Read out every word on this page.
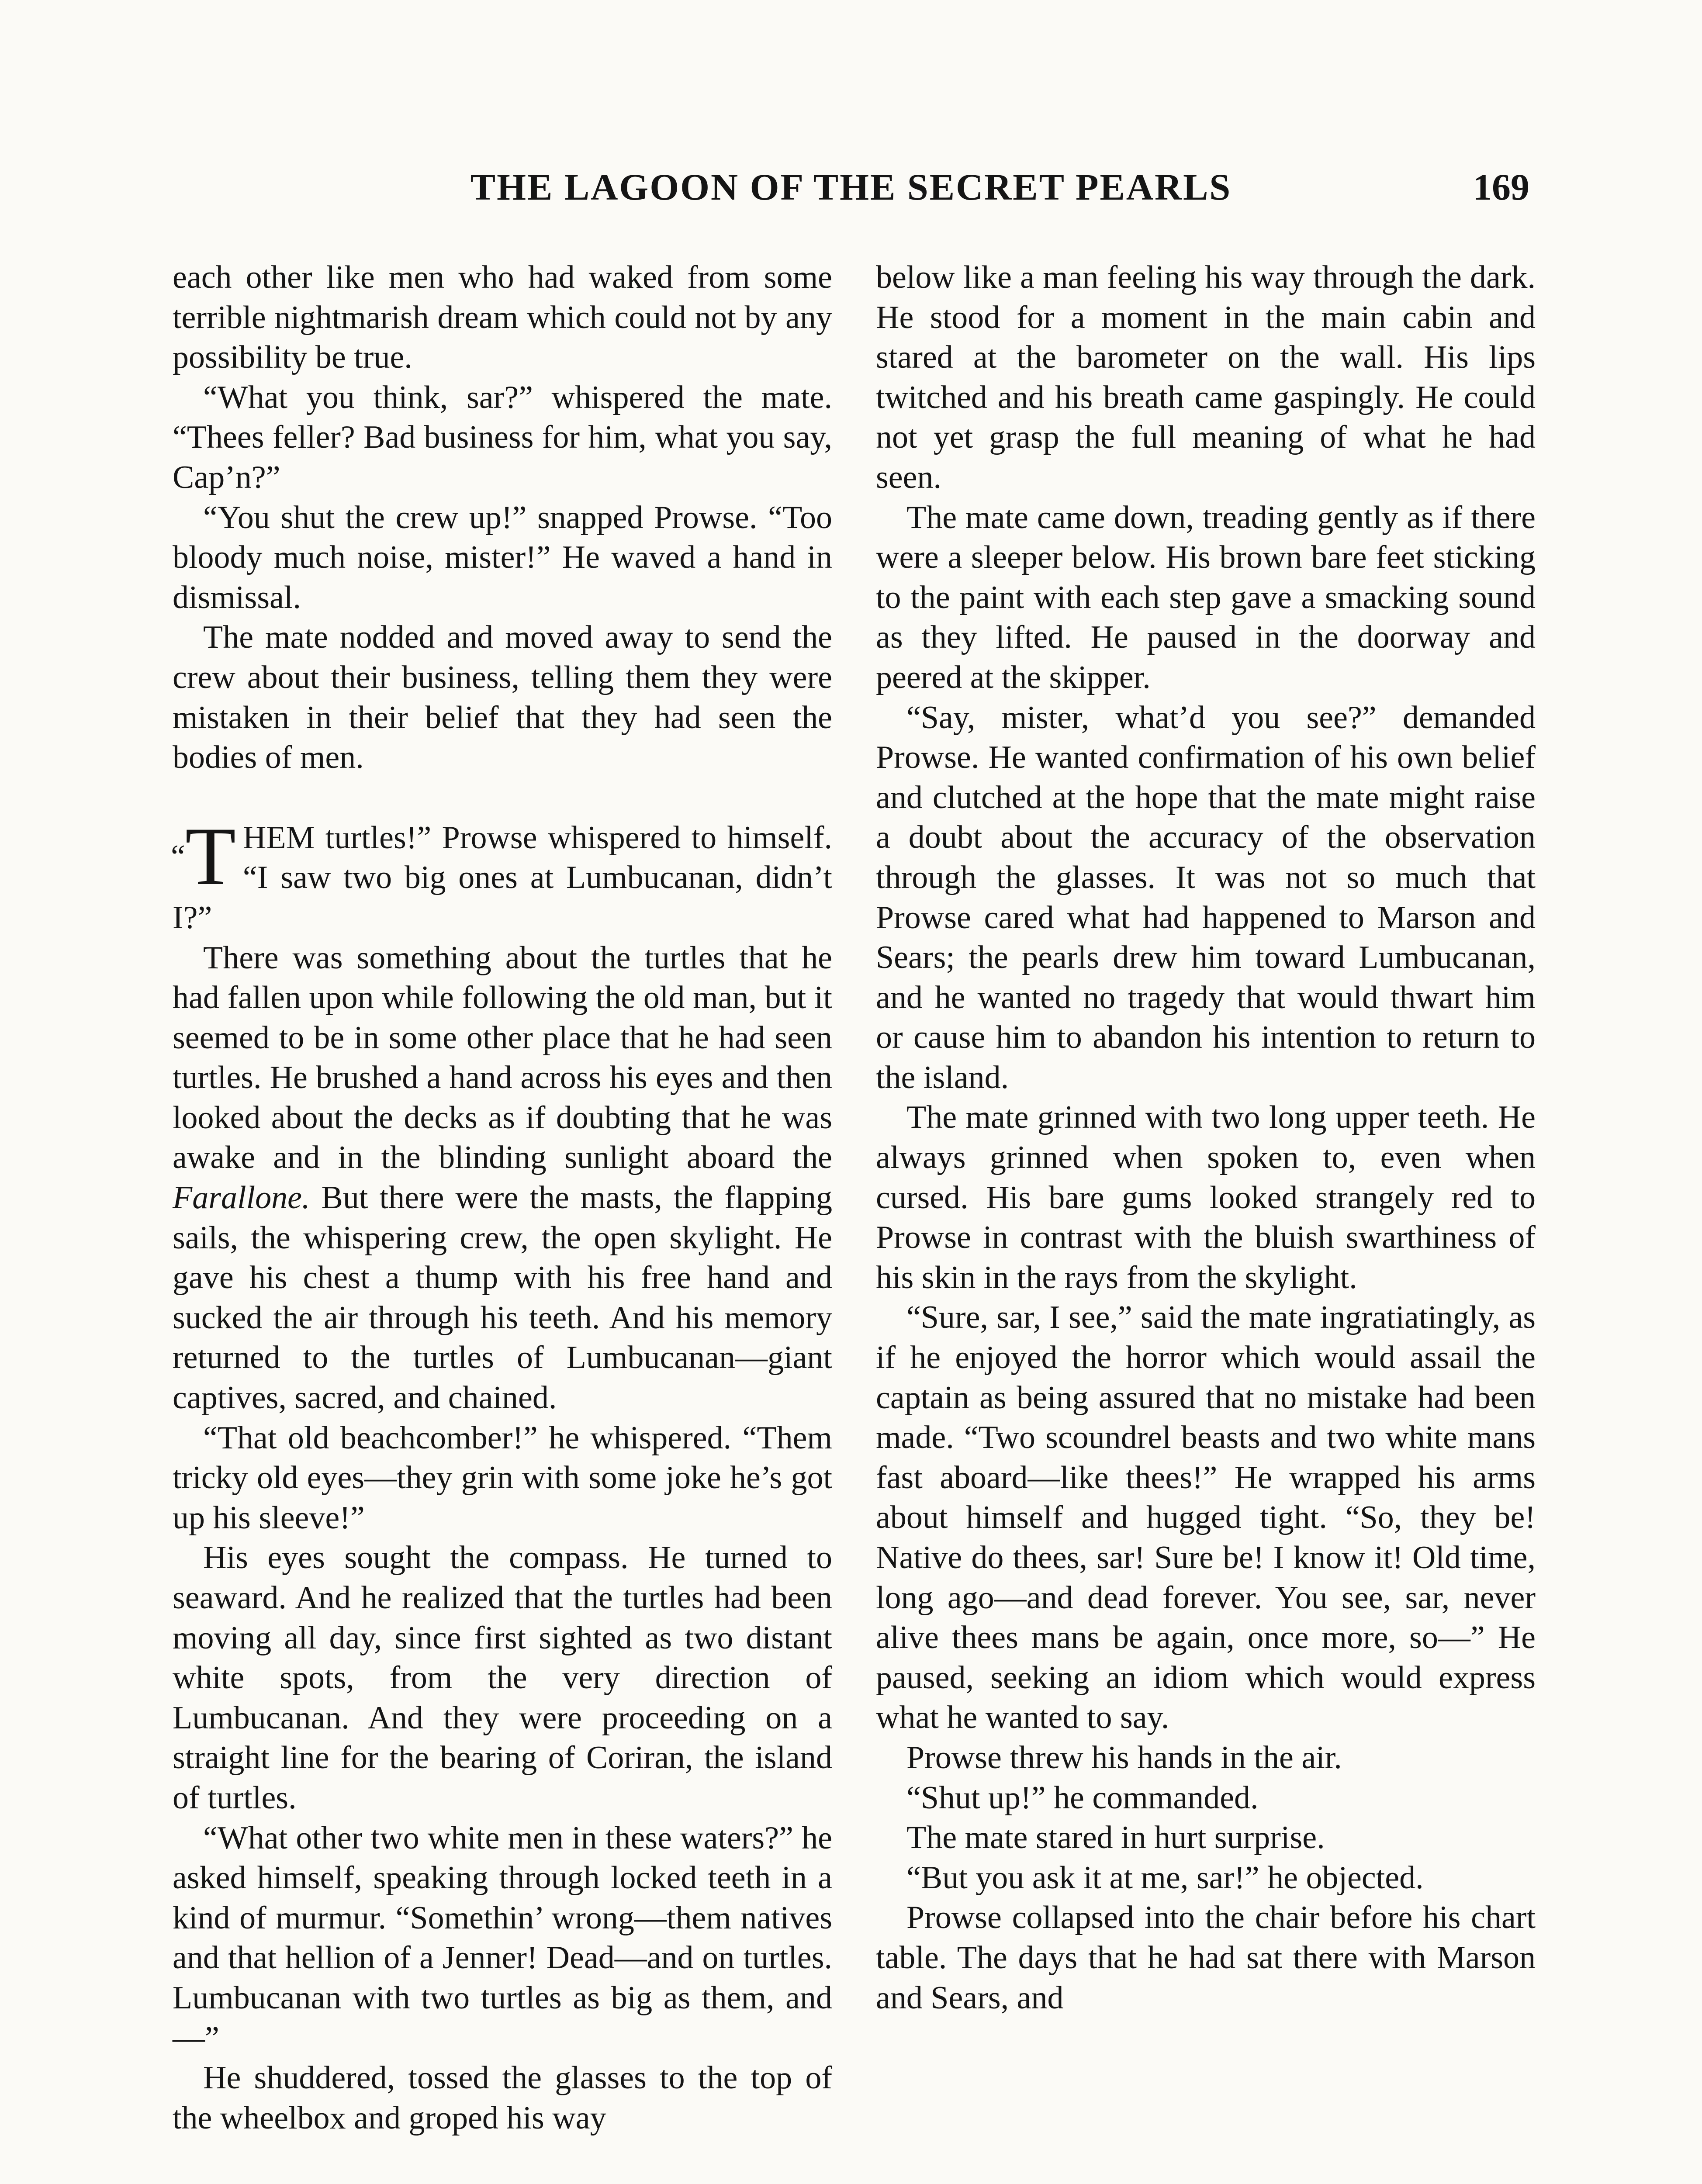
THE LAGOON OF THE SECRET PEARLS	169

each other like men who had waked from some terrible nightmarish dream which could not by any possibility be true.

“What you think, sar?” whispered the mate. “Thees feller? Bad business for him, what you say, Cap’n?”

“You shut the crew up!” snapped Prowse. “Too bloody much noise, mister!” He waved a hand in dismissal.

The mate nodded and moved away to send the crew about their business, telling them they were mistaken in their belief that they had seen the bodies of men.

“T HEM turtles!” Prowse whispered to himself. “I saw two big ones at Lumbucanan, didn’t I?”

There was something about the turtles that he had fallen upon while following the old man, but it seemed to be in some other place that he had seen turtles. He brushed a hand across his eyes and then looked about the decks as if doubting that he was awake and in the blinding sunlight aboard the Farallone. But there were the masts, the flapping sails, the whispering crew, the open skylight. He gave his chest a thump with his free hand and sucked the air through his teeth. And his memory returned to the turtles of Lumbucanan—giant captives, sacred, and chained.

“That old beachcomber!” he whispered. “Them tricky old eyes—they grin with some joke he’s got up his sleeve!”

His eyes sought the compass. He turned to seaward. And he realized that the turtles had been moving all day, since first sighted as two distant white spots, from the very direction of Lumbucanan. And they were proceeding on a straight line for the bearing of Coriran, the island of turtles.

“What other two white men in these waters?” he asked himself, speaking through locked teeth in a kind of murmur. “Somethin’ wrong—them natives and that hellion of a Jenner! Dead—and on turtles. Lumbucanan with two turtles as big as them, and—”

He shuddered, tossed the glasses to the top of the wheelbox and groped his way

below like a man feeling his way through the dark. He stood for a moment in the main cabin and stared at the barometer on the wall. His lips twitched and his breath came gaspingly. He could not yet grasp the full meaning of what he had seen.

The mate came down, treading gently as if there were a sleeper below. His brown bare feet sticking to the paint with each step gave a smacking sound as they lifted. He paused in the doorway and peered at the skipper.

“Say, mister, what’d you see?” demanded Prowse. He wanted confirmation of his own belief and clutched at the hope that the mate might raise a doubt about the accuracy of the observation through the glasses. It was not so much that Prowse cared what had happened to Marson and Sears; the pearls drew him toward Lumbucanan, and he wanted no tragedy that would thwart him or cause him to abandon his intention to return to the island.

The mate grinned with two long upper teeth. He always grinned when spoken to, even when cursed. His bare gums looked strangely red to Prowse in contrast with the bluish swarthiness of his skin in the rays from the skylight.

“Sure, sar, I see,” said the mate ingratiatingly, as if he enjoyed the horror which would assail the captain as being assured that no mistake had been made. “Two scoundrel beasts and two white mans fast aboard—like thees!” He wrapped his arms about himself and hugged tight. “So, they be! Native do thees, sar! Sure be! I know it! Old time, long ago—and dead forever. You see, sar, never alive thees mans be again, once more, so—” He paused, seeking an idiom which would express what he wanted to say.

Prowse threw his hands in the air.

“Shut up!” he commanded.

The mate stared in hurt surprise.

“But you ask it at me, sar!” he objected.

Prowse collapsed into the chair before his chart table. The days that he had sat there with Marson and Sears, and
